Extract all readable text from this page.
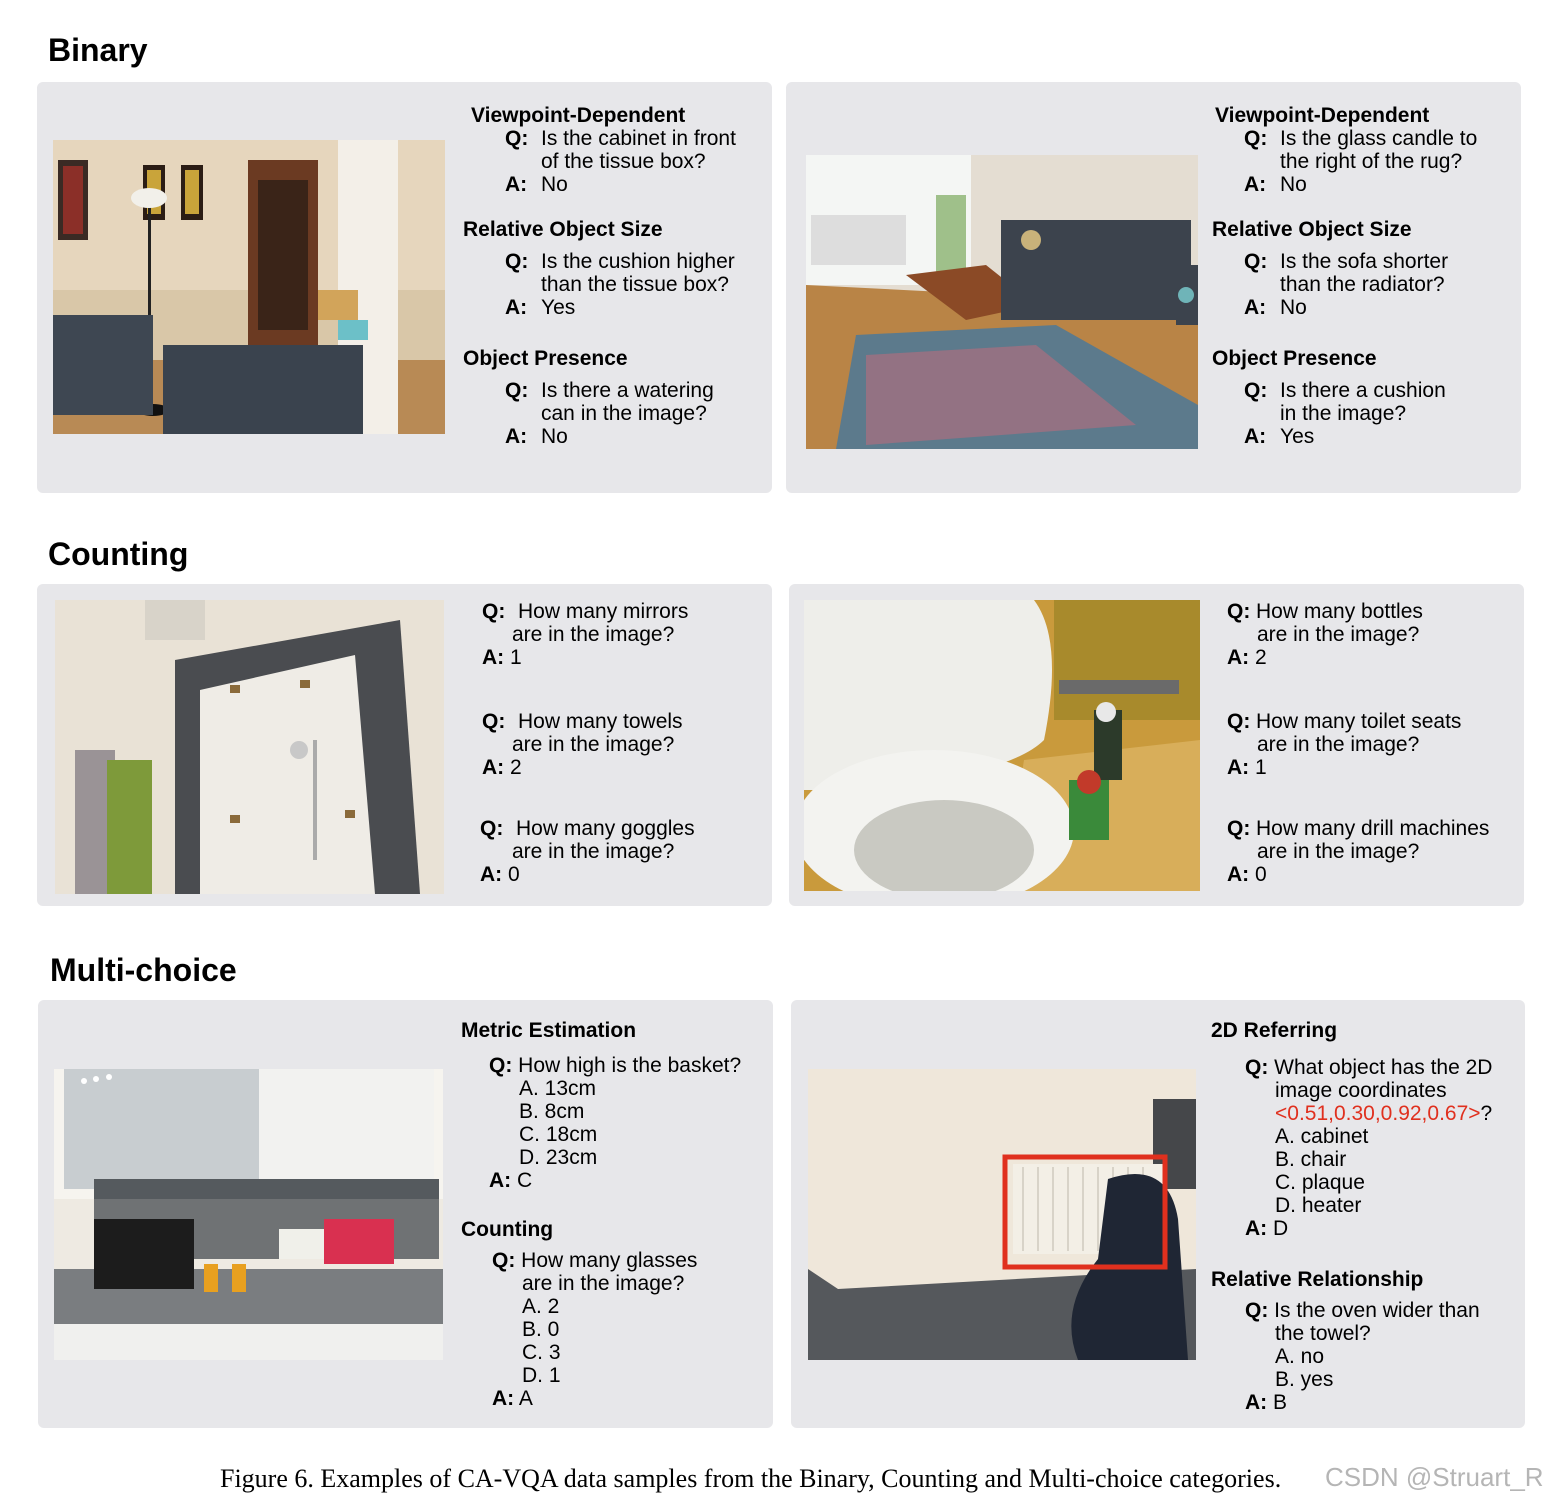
Binary
Viewpoint-Dependent
Q: Is the cabinet in front
of the tissue box?
A: No
Relative Object Size
Q: Is the cushion higher
than the tissue box?
A: Yes
Object Presence
Q: Is there a watering
can in the image?
A: No
Viewpoint-Dependent
Q: Is the glass candle to
the right of the rug?
A: No
Relative Object Size
Q: Is the sofa shorter
than the radiator?
A: No
Object Presence
Q: Is there a cushion
in the image?
A: Yes
Counting
Q: How many mirrors
are in the image?
A: 1
Q: How many towels
are in the image?
A: 2
Q: How many goggles
are in the image?
A: 0
Q: How many bottles
are in the image?
A: 2
Q: How many toilet seats
are in the image?
A: 1
Q: How many drill machines
are in the image?
A: 0
Multi-choice
Metric Estimation
Q: How high is the basket?
A. 13cm
B. 8cm
C. 18cm
D. 23cm
A: C
Counting
Q: How many glasses
are in the image?
A. 2
B. 0
C. 3
D. 1
A: A
2D Referring
Q: What object has the 2D
image coordinates
<0.51,0.30,0.92,0.67>?
A. cabinet
B. chair
C. plaque
D. heater
A: D
Relative Relationship
Q: Is the oven wider than
the towel?
A. no
B. yes
A: B
Figure 6. Examples of CA-VQA data samples from the Binary, Counting and Multi-choice categories. CSDN @Struart_R
